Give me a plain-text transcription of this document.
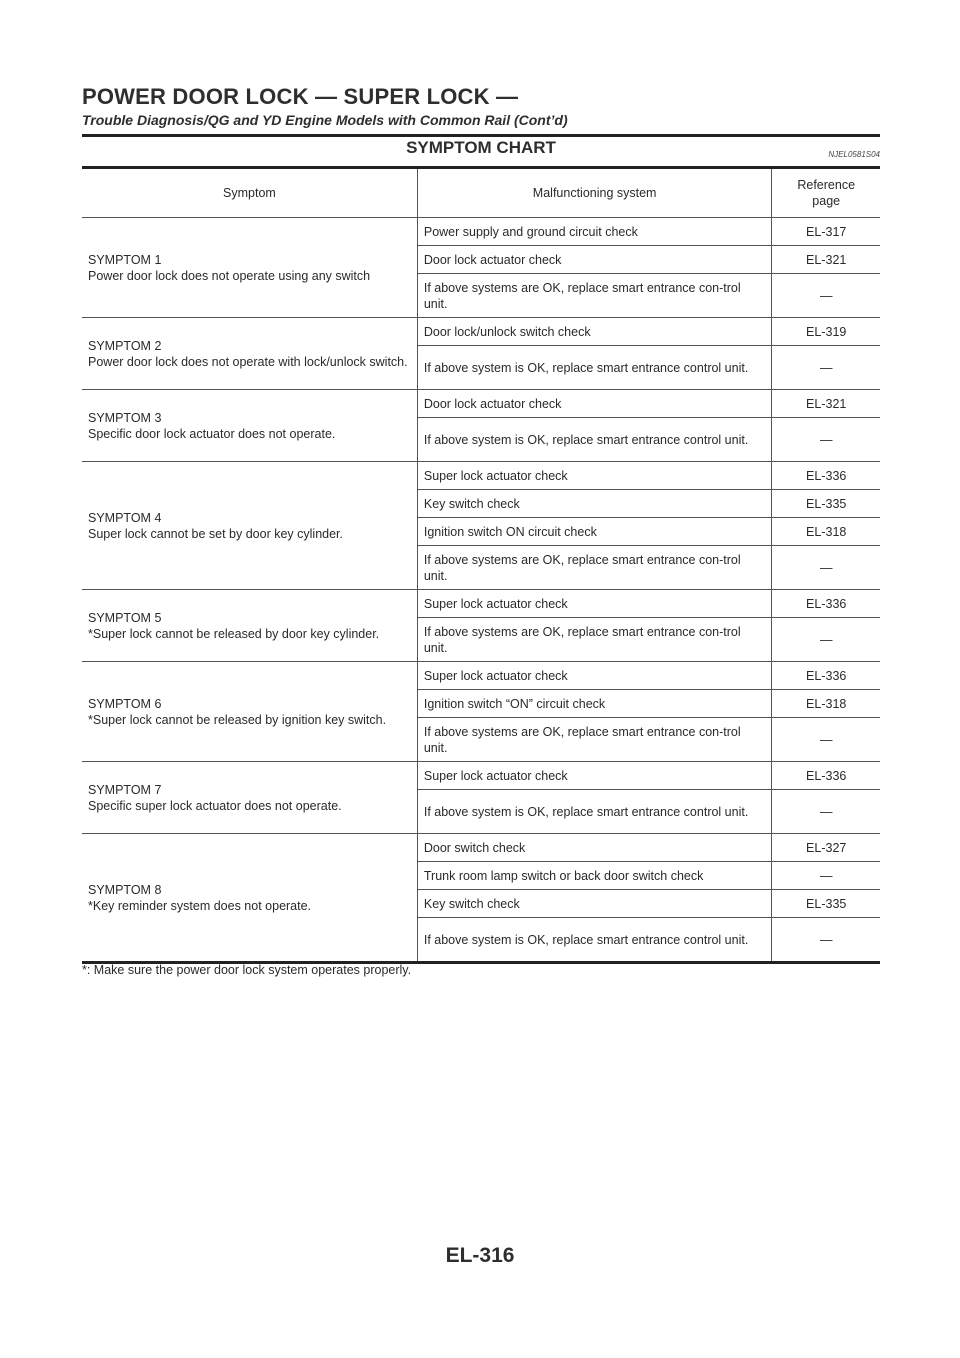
POWER DOOR LOCK — SUPER LOCK —
Trouble Diagnosis/QG and YD Engine Models with Common Rail (Cont’d)
SYMPTOM CHART	NJEL0581S04
Symptom	Malfunctioning system	Reference page

SYMPTOM 1
Power door lock does not operate using any switch	Power supply and ground circuit check	EL-317
	Door lock actuator check	EL-321
	If above systems are OK, replace smart entrance con-trol unit.	—

SYMPTOM 2
Power door lock does not operate with lock/unlock switch.	Door lock/unlock switch check	EL-319
	If above system is OK, replace smart entrance control unit.	—

SYMPTOM 3
Specific door lock actuator does not operate.	Door lock actuator check	EL-321
	If above system is OK, replace smart entrance control unit.	—

SYMPTOM 4
Super lock cannot be set by door key cylinder.	Super lock actuator check	EL-336
	Key switch check	EL-335
	Ignition switch ON circuit check	EL-318
	If above systems are OK, replace smart entrance con-trol unit.	—

SYMPTOM 5
*Super lock cannot be released by door key cylinder.	Super lock actuator check	EL-336
	If above systems are OK, replace smart entrance con-trol unit.	—

SYMPTOM 6
*Super lock cannot be released by ignition key switch.	Super lock actuator check	EL-336
	Ignition switch “ON” circuit check	EL-318
	If above systems are OK, replace smart entrance con-trol unit.	—

SYMPTOM 7
Specific super lock actuator does not operate.	Super lock actuator check	EL-336
	If above system is OK, replace smart entrance control unit.	—

SYMPTOM 8
*Key reminder system does not operate.	Door switch check	EL-327
	Trunk room lamp switch or back door switch check	—
	Key switch check	EL-335
	If above system is OK, replace smart entrance control unit.	—
*: Make sure the power door lock system operates properly.
EL-316
